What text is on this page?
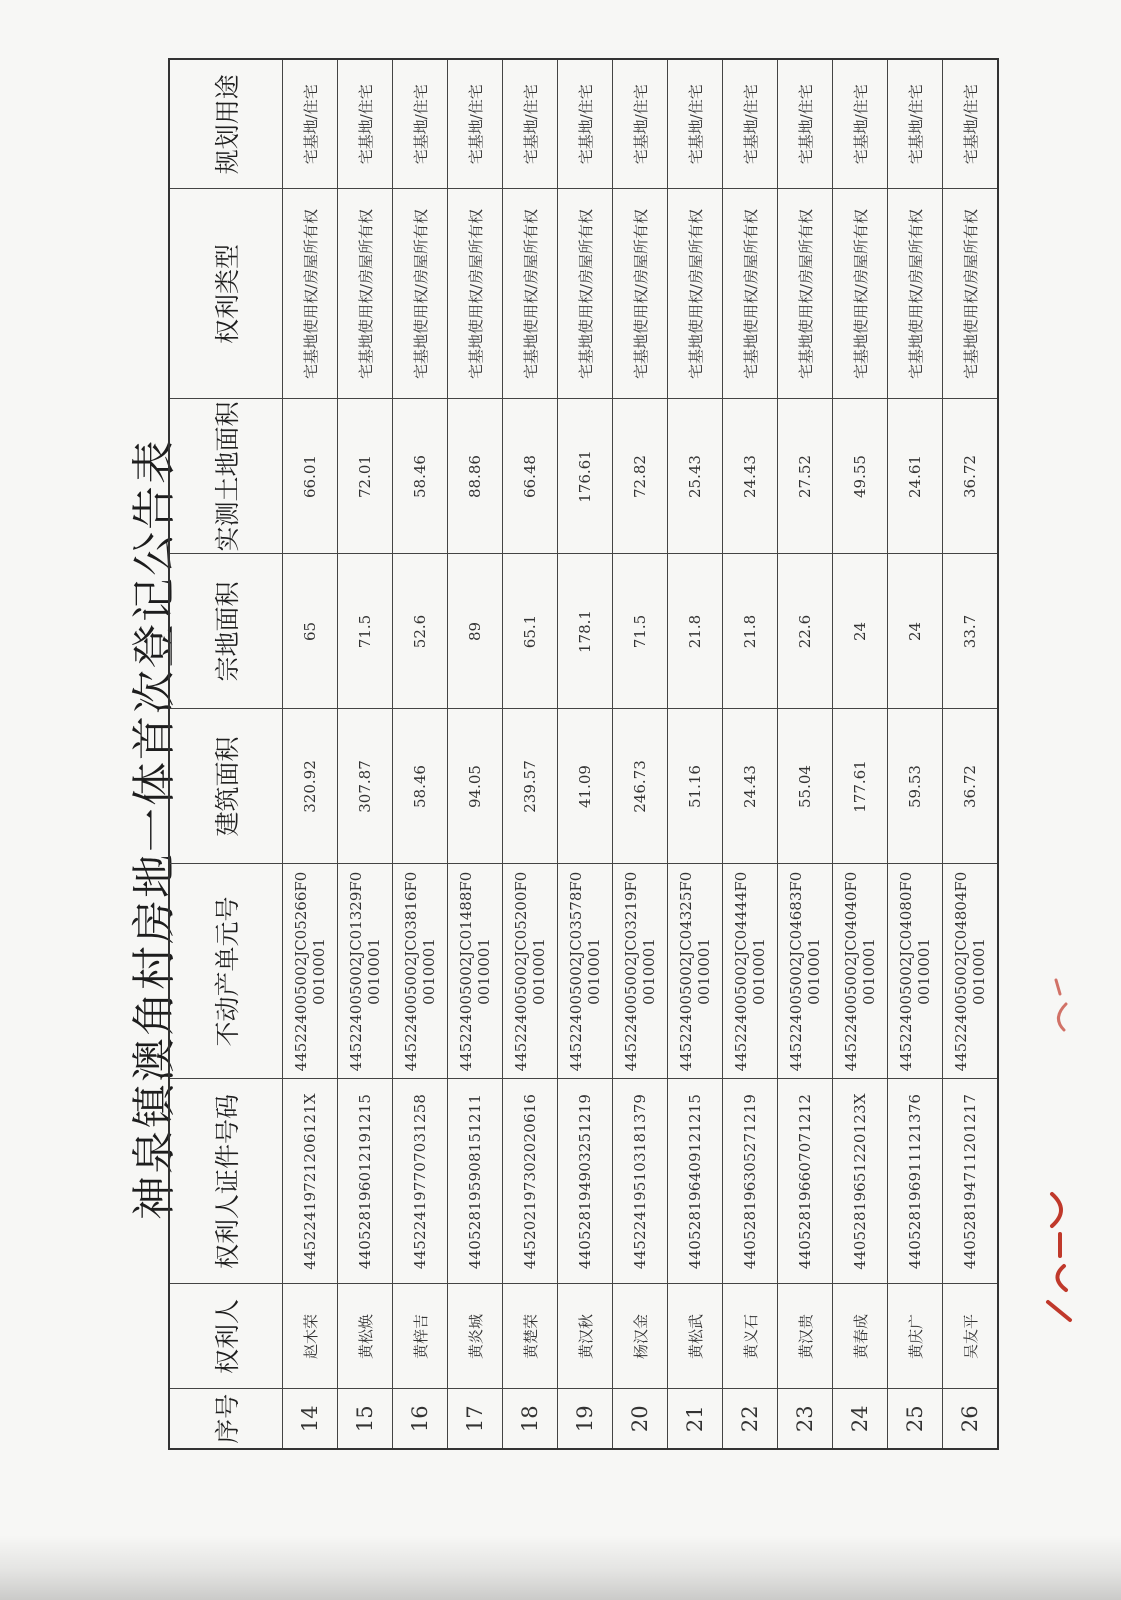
神泉镇澳角村房地一体首次登记公告表
序号	权利人	权利人证件号码	不动产单元号	建筑面积	宗地面积	实测土地面积	权利类型	规划用途
14	赵木荣	44522419721206121X	445224005002JC05266F00010001	320.92	65	66.01	宅基地使用权/房屋所有权	宅基地/住宅
15	黄松焕	440528196012191215	445224005002JC01329F00010001	307.87	71.5	72.01	宅基地使用权/房屋所有权	宅基地/住宅
16	黄梓吉	445224197707031258	445224005002JC03816F00010001	58.46	52.6	58.46	宅基地使用权/房屋所有权	宅基地/住宅
17	黄炎城	440528195908151211	445224005002JC01488F00010001	94.05	89	88.86	宅基地使用权/房屋所有权	宅基地/住宅
18	黄楚荣	445202197302020616	445224005002JC05200F00010001	239.57	65.1	66.48	宅基地使用权/房屋所有权	宅基地/住宅
19	黄汉秋	440528194903251219	445224005002JC03578F00010001	41.09	178.1	176.61	宅基地使用权/房屋所有权	宅基地/住宅
20	杨汉金	445224195103181379	445224005002JC03219F00010001	246.73	71.5	72.82	宅基地使用权/房屋所有权	宅基地/住宅
21	黄松武	440528196409121215	445224005002JC04325F00010001	51.16	21.8	25.43	宅基地使用权/房屋所有权	宅基地/住宅
22	黄义石	440528196305271219	445224005002JC04444F00010001	24.43	21.8	24.43	宅基地使用权/房屋所有权	宅基地/住宅
23	黄汉贵	440528196607071212	445224005002JC04683F00010001	55.04	22.6	27.52	宅基地使用权/房屋所有权	宅基地/住宅
24	黄春成	44052819651220123X	445224005002JC04040F00010001	177.61	24	49.55	宅基地使用权/房屋所有权	宅基地/住宅
25	黄庆广	440528196911121376	445224005002JC04080F00010001	59.53	24	24.61	宅基地使用权/房屋所有权	宅基地/住宅
26	吴友平	440528194711201217	445224005002JC04804F00010001	36.72	33.7	36.72	宅基地使用权/房屋所有权	宅基地/住宅
